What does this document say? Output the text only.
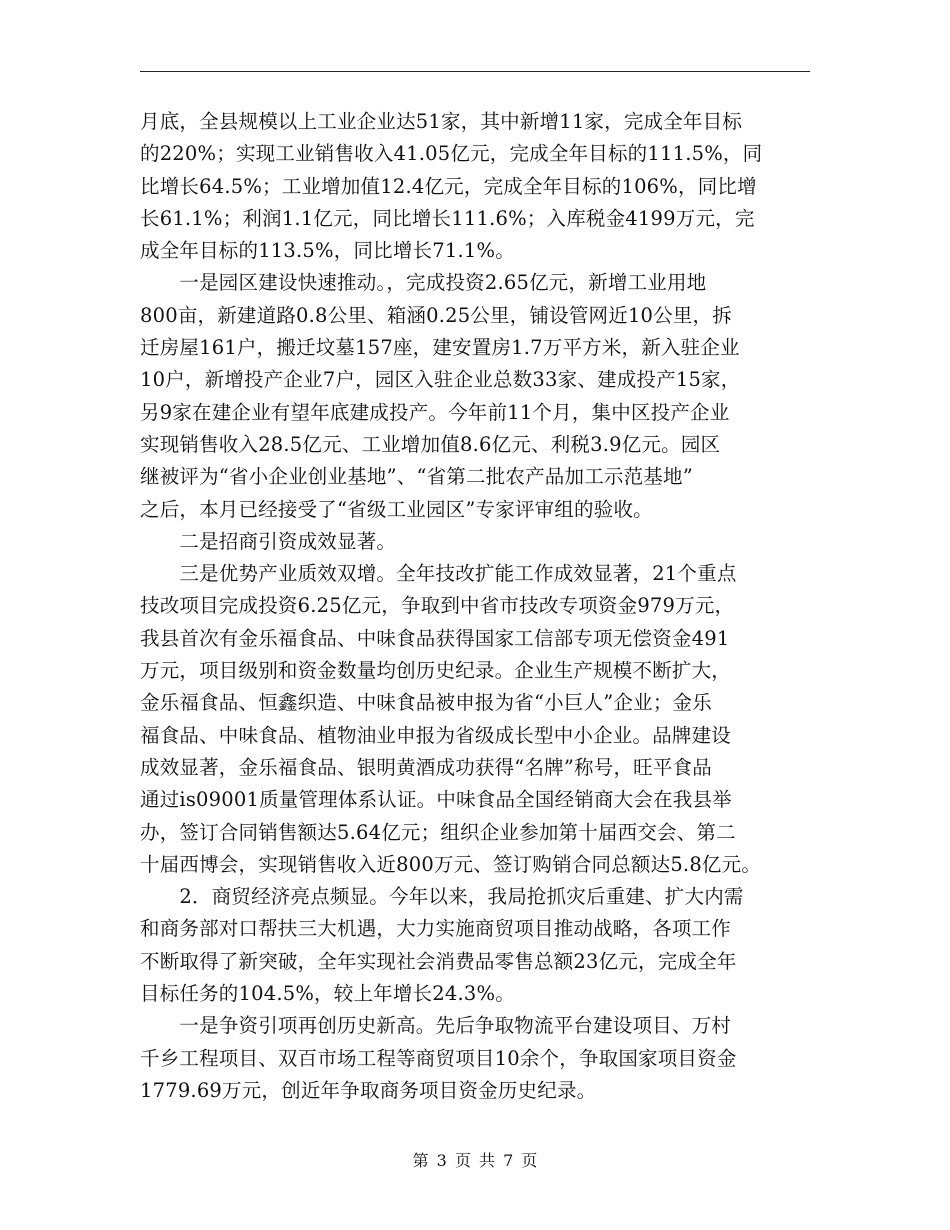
月底，全县规模以上工业企业达51家，其中新增11家，完成全年目标
的220%；实现工业销售收入41.05亿元，完成全年目标的111.5%，同
比增长64.5%；工业增加值12.4亿元，完成全年目标的106%，同比增
长61.1%；利润1.1亿元，同比增长111.6%；入库税金4199万元，完
成全年目标的113.5%，同比增长71.1%。
　　一是园区建设快速推动。，完成投资2.65亿元，新增工业用地
800亩，新建道路0.8公里、箱涵0.25公里，铺设管网近10公里，拆
迁房屋161户，搬迁坟墓157座，建安置房1.7万平方米，新入驻企业
10户，新增投产企业7户，园区入驻企业总数33家、建成投产15家，
另9家在建企业有望年底建成投产。今年前11个月，集中区投产企业
实现销售收入28.5亿元、工业增加值8.6亿元、利税3.9亿元。园区
继被评为“省小企业创业基地”、“省第二批农产品加工示范基地”
之后，本月已经接受了“省级工业园区”专家评审组的验收。
　　二是招商引资成效显著。
　　三是优势产业质效双增。全年技改扩能工作成效显著，21个重点
技改项目完成投资6.25亿元，争取到中省市技改专项资金979万元，
我县首次有金乐福食品、中味食品获得国家工信部专项无偿资金491
万元，项目级别和资金数量均创历史纪录。企业生产规模不断扩大，
金乐福食品、恒鑫织造、中味食品被申报为省“小巨人”企业；金乐
福食品、中味食品、植物油业申报为省级成长型中小企业。品牌建设
成效显著，金乐福食品、银明黄酒成功获得“名牌”称号，旺平食品
通过is09001质量管理体系认证。中味食品全国经销商大会在我县举
办，签订合同销售额达5.64亿元；组织企业参加第十届西交会、第二
十届西博会，实现销售收入近800万元、签订购销合同总额达5.8亿元。
　　2．商贸经济亮点频显。今年以来，我局抢抓灾后重建、扩大内需
和商务部对口帮扶三大机遇，大力实施商贸项目推动战略，各项工作
不断取得了新突破，全年实现社会消费品零售总额23亿元，完成全年
目标任务的104.5%，较上年增长24.3%。
　　一是争资引项再创历史新高。先后争取物流平台建设项目、万村
千乡工程项目、双百市场工程等商贸项目10余个，争取国家项目资金
1779.69万元，创近年争取商务项目资金历史纪录。
第 3 页 共 7 页
